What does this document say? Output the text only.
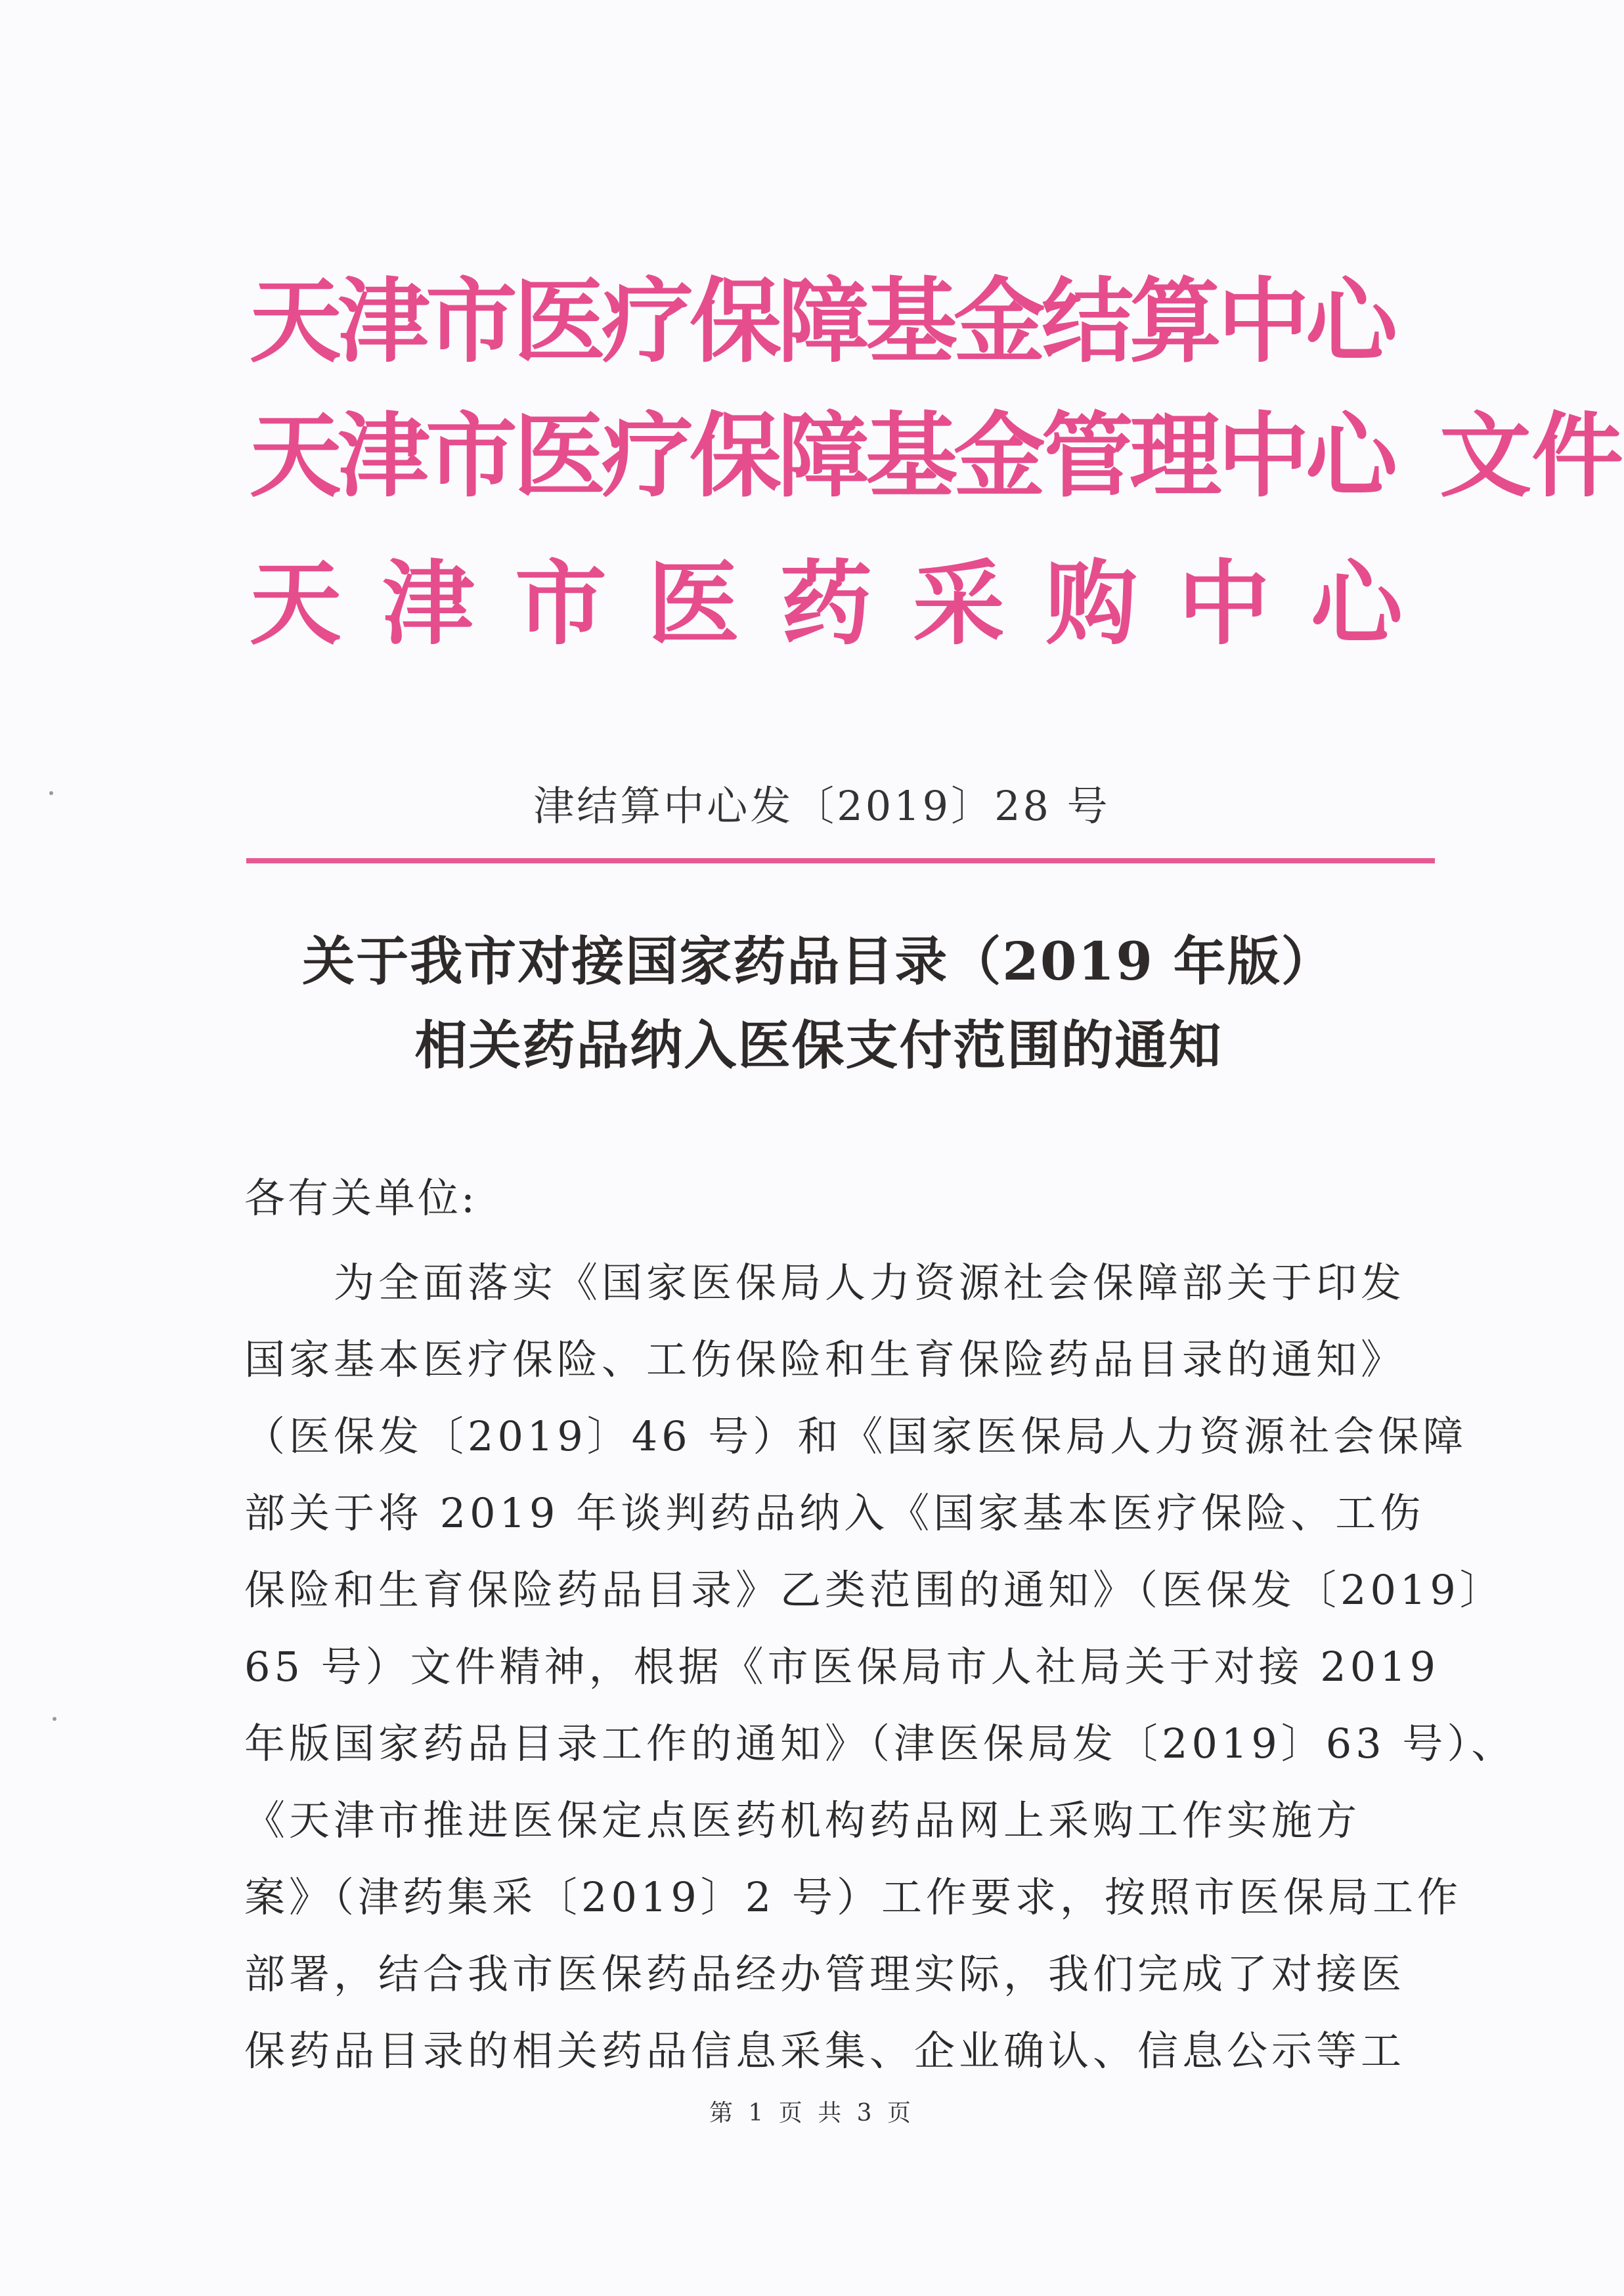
天津市医疗保障基金结算中心
天津市医疗保障基金管理中心 文件
天津市医药采购中心
津结算中心发〔2019〕28 号
关于我市对接国家药品目录（2019 年版）
相关药品纳入医保支付范围的通知
各有关单位:
　　为全面落实《国家医保局人力资源社会保障部关于印发
国家基本医疗保险、工伤保险和生育保险药品目录的通知》
（医保发〔2019〕46 号）和《国家医保局人力资源社会保障
部关于将 2019 年谈判药品纳入《国家基本医疗保险、工伤
保险和生育保险药品目录》乙类范围的通知》（医保发〔2019〕
65 号）文件精神，根据《市医保局市人社局关于对接 2019
年版国家药品目录工作的通知》（津医保局发〔2019〕63 号）、
《天津市推进医保定点医药机构药品网上采购工作实施方
案》（津药集采〔2019〕2 号）工作要求，按照市医保局工作
部署，结合我市医保药品经办管理实际，我们完成了对接医
保药品目录的相关药品信息采集、企业确认、信息公示等工
第 1 页 共 3 页
